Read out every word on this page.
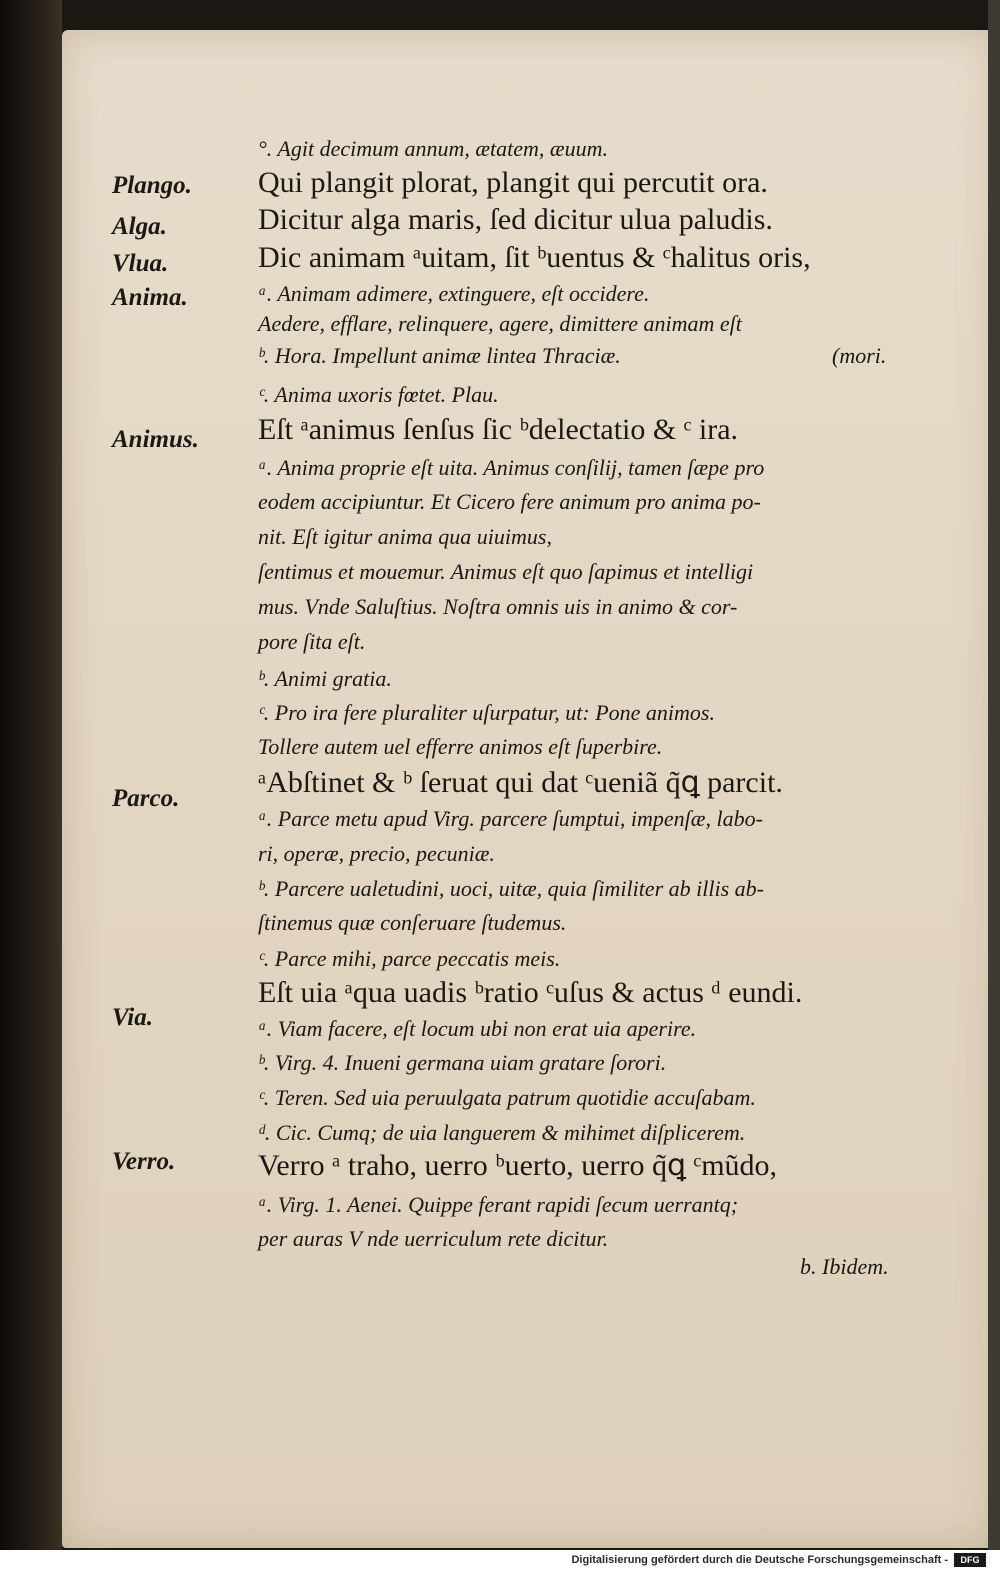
Plango.
Alga.
Vlua.
Anima.
Animus.
Parco.
Via.
Verro.
°. Agit decimum annum, ætatem, æuum.
Qui plangit plorat, plangit qui percutit ora.
Dicitur alga maris, ſed dicitur ulua paludis.
Dic animam ᵃuitam, ſit ᵇuentus & ᶜhalitus oris,
ᵃ. Animam adimere, extinguere, eſt occidere.
Aedere, efflare, relinquere, agere, dimittere animam eſt
ᵇ. Hora. Impellunt animæ lintea Thraciæ.
ᶜ. Anima uxoris fœtet. Plau.
Eſt ᵃanimus ſenſus ſic ᵇdelectatio & ᶜ ira.
ᵃ. Anima proprie eſt uita. Animus conſilij, tamen ſæpe pro
eodem accipiuntur. Et Cicero fere animum pro anima po-
nit. Eſt igitur anima qua uiuimus,
ſentimus et mouemur. Animus eſt quo ſapimus et intelligi
mus. Vnde Saluſtius. Noſtra omnis uis in animo & cor-
pore ſita eſt.
ᵇ. Animi gratia.
ᶜ. Pro ira fere pluraliter uſurpatur, ut: Pone animos.
Tollere autem uel efferre animos eſt ſuperbire.
ᵃAbſtinet & ᵇ ſeruat qui dat ᶜueniã q̃ꝗ parcit.
ᵃ. Parce metu apud Virg. parcere ſumptui, impenſæ, labo-
ri, operæ, precio, pecuniæ.
ᵇ. Parcere ualetudini, uoci, uitæ, quia ſimiliter ab illis ab-
ſtinemus quæ conſeruare ſtudemus.
ᶜ. Parce mihi, parce peccatis meis.
Eſt uia ᵃqua uadis ᵇratio ᶜuſus & actus ᵈ eundi.
ᵃ. Viam facere, eſt locum ubi non erat uia aperire.
ᵇ. Virg. 4. Inueni germana uiam gratare ſorori.
ᶜ. Teren. Sed uia peruulgata patrum quotidie accuſabam.
ᵈ. Cic. Cumq; de uia languerem & mihimet diſplicerem.
Verro ᵃ traho, uerro ᵇuerto, uerro q̃ꝗ ᶜmũdo,
ᵃ. Virg. 1. Aenei. Quippe ferant rapidi ſecum uerrantq;
per auras V nde uerriculum rete dicitur.
(mori.
b. Ibidem.
Digitalisierung gefördert durch die Deutsche Forschungsgemeinschaft -	DFG
